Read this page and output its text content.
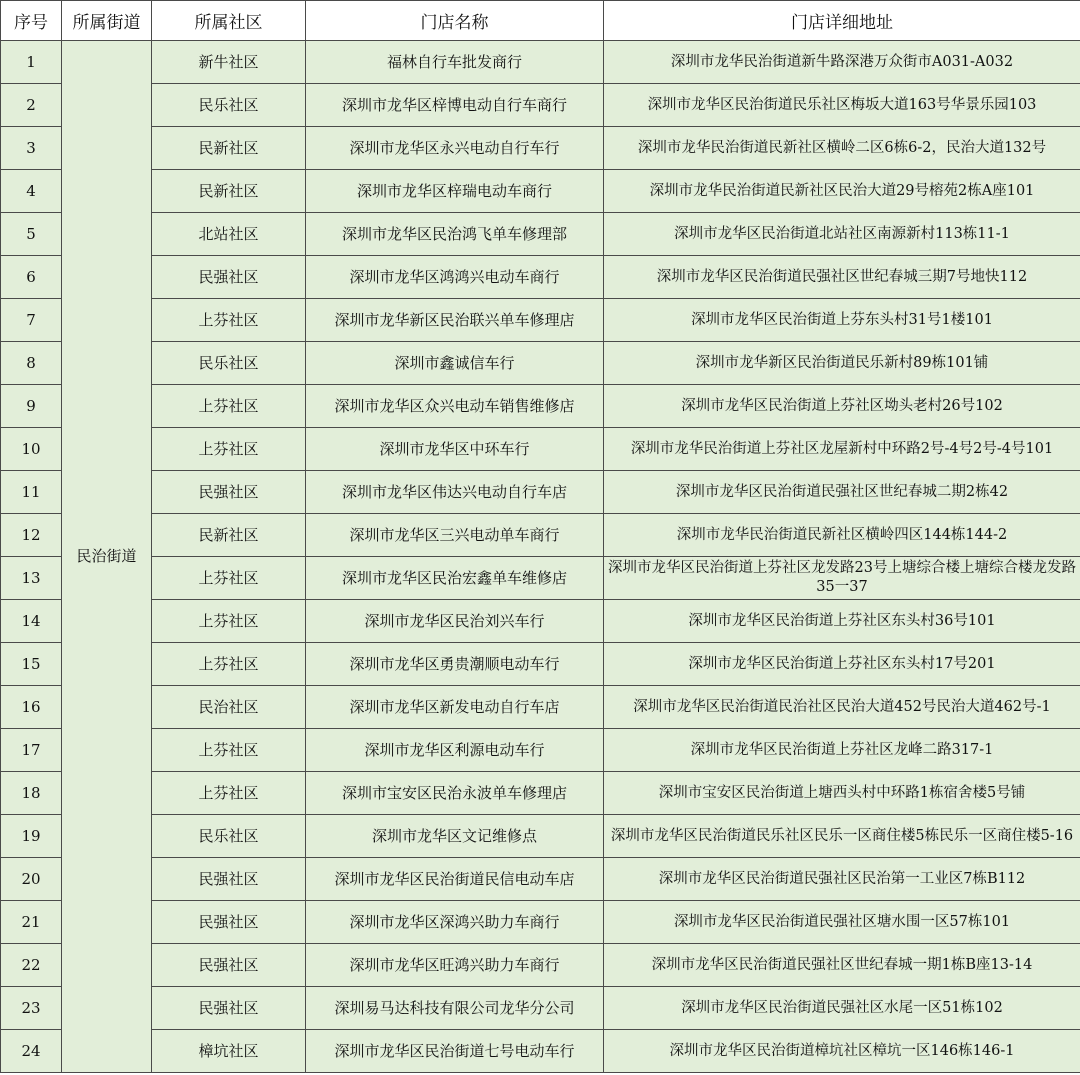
序号	所属街道	所属社区	门店名称	门店详细地址
1	民治街道	新牛社区	福林自行车批发商行	深圳市龙华民治街道新牛路深港万众街市A031-A032
2		民乐社区	深圳市龙华区梓博电动自行车商行	深圳市龙华区民治街道民乐社区梅坂大道163号华景乐园103
3		民新社区	深圳市龙华区永兴电动自行车行	深圳市龙华民治街道民新社区横岭二区6栋6-2，民治大道132号
4		民新社区	深圳市龙华区梓瑞电动车商行	深圳市龙华民治街道民新社区民治大道29号榕苑2栋A座101
5		北站社区	深圳市龙华区民治鸿飞单车修理部	深圳市龙华区民治街道北站社区南源新村113栋11-1
6		民强社区	深圳市龙华区鸿鸿兴电动车商行	深圳市龙华区民治街道民强社区世纪春城三期7号地快112
7		上芬社区	深圳市龙华新区民治联兴单车修理店	深圳市龙华区民治街道上芬东头村31号1楼101
8		民乐社区	深圳市鑫诚信车行	深圳市龙华新区民治街道民乐新村89栋101铺
9		上芬社区	深圳市龙华区众兴电动车销售维修店	深圳市龙华区民治街道上芬社区坳头老村26号102
10		上芬社区	深圳市龙华区中环车行	深圳市龙华民治街道上芬社区龙屋新村中环路2号-4号2号-4号101
11		民强社区	深圳市龙华区伟达兴电动自行车店	深圳市龙华区民治街道民强社区世纪春城二期2栋42
12		民新社区	深圳市龙华区三兴电动单车商行	深圳市龙华民治街道民新社区横岭四区144栋144-2
13		上芬社区	深圳市龙华区民治宏鑫单车维修店	深圳市龙华区民治街道上芬社区龙发路23号上塘综合楼上塘综合楼龙发路35一37
14		上芬社区	深圳市龙华区民治刘兴车行	深圳市龙华区民治街道上芬社区东头村36号101
15		上芬社区	深圳市龙华区勇贵潮顺电动车行	深圳市龙华区民治街道上芬社区东头村17号201
16		民治社区	深圳市龙华区新发电动自行车店	深圳市龙华区民治街道民治社区民治大道452号民治大道462号-1
17		上芬社区	深圳市龙华区利源电动车行	深圳市龙华区民治街道上芬社区龙峰二路317-1
18		上芬社区	深圳市宝安区民治永波单车修理店	深圳市宝安区民治街道上塘西头村中环路1栋宿舍楼5号铺
19		民乐社区	深圳市龙华区文记维修点	深圳市龙华区民治街道民乐社区民乐一区商住楼5栋民乐一区商住楼5-16
20		民强社区	深圳市龙华区民治街道民信电动车店	深圳市龙华区民治街道民强社区民治第一工业区7栋B112
21		民强社区	深圳市龙华区深鸿兴助力车商行	深圳市龙华区民治街道民强社区塘水围一区57栋101
22		民强社区	深圳市龙华区旺鸿兴助力车商行	深圳市龙华区民治街道民强社区世纪春城一期1栋B座13-14
23		民强社区	深圳易马达科技有限公司龙华分公司	深圳市龙华区民治街道民强社区水尾一区51栋102
24		樟坑社区	深圳市龙华区民治街道七号电动车行	深圳市龙华区民治街道樟坑社区樟坑一区146栋146-1
